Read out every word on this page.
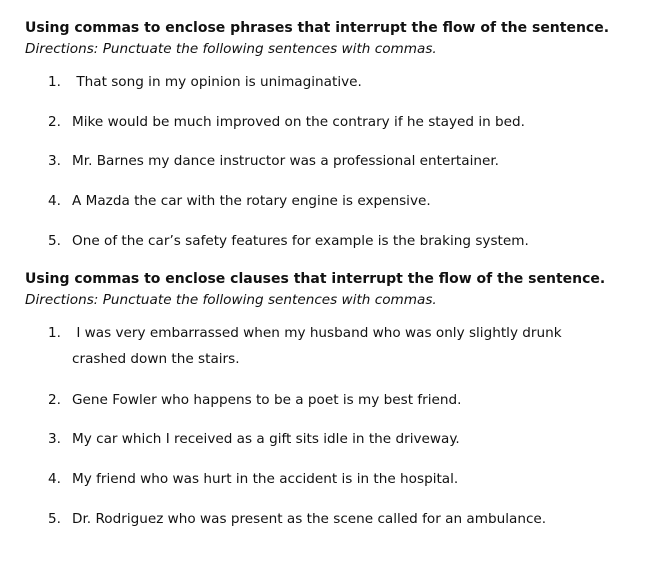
Using commas to enclose phrases that interrupt the flow of the sentence.
Directions: Punctuate the following sentences with commas.
1. That song in my opinion is unimaginative.
2. Mike would be much improved on the contrary if he stayed in bed.
3. Mr. Barnes my dance instructor was a professional entertainer.
4. A Mazda the car with the rotary engine is expensive.
5. One of the car’s safety features for example is the braking system.
Using commas to enclose clauses that interrupt the flow of the sentence.
Directions: Punctuate the following sentences with commas.
1. I was very embarrassed when my husband who was only slightly drunk
crashed down the stairs.
2. Gene Fowler who happens to be a poet is my best friend.
3. My car which I received as a gift sits idle in the driveway.
4. My friend who was hurt in the accident is in the hospital.
5. Dr. Rodriguez who was present as the scene called for an ambulance.
